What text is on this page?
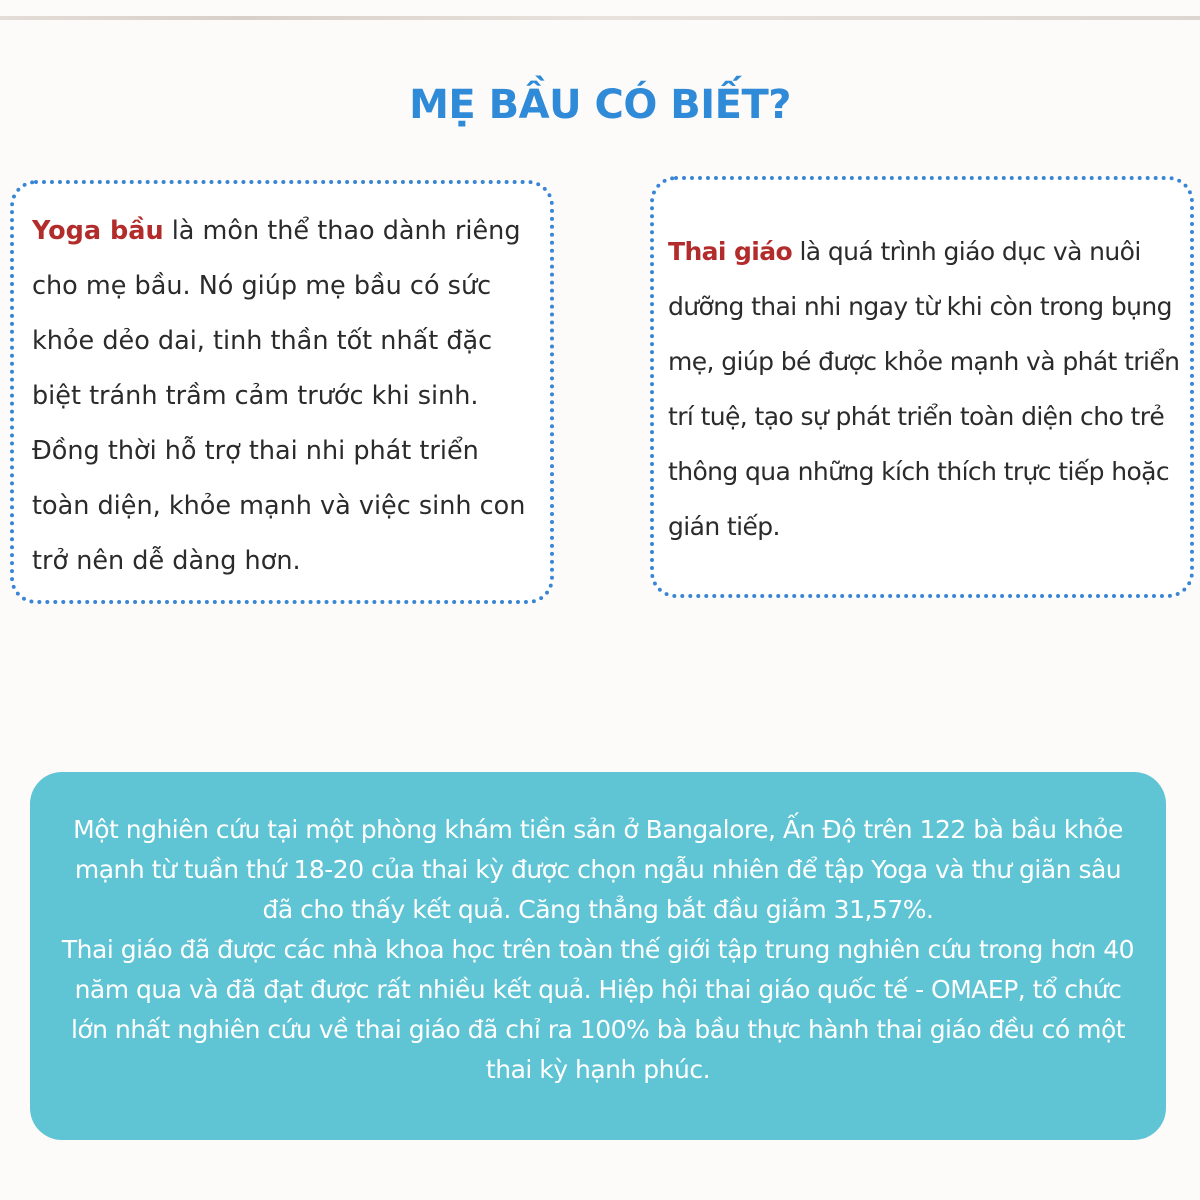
MẸ BẦU CÓ BIẾT?

Yoga bầu là môn thể thao dành riêng cho mẹ bầu. Nó giúp mẹ bầu có sức khỏe dẻo dai, tinh thần tốt nhất đặc biệt tránh trầm cảm trước khi sinh. Đồng thời hỗ trợ thai nhi phát triển toàn diện, khỏe mạnh và việc sinh con trở nên dễ dàng hơn.

Thai giáo là quá trình giáo dục và nuôi dưỡng thai nhi ngay từ khi còn trong bụng mẹ, giúp bé được khỏe mạnh và phát triển trí tuệ, tạo sự phát triển toàn diện cho trẻ thông qua những kích thích trực tiếp hoặc gián tiếp.

Một nghiên cứu tại một phòng khám tiền sản ở Bangalore, Ấn Độ trên 122 bà bầu khỏe mạnh từ tuần thứ 18-20 của thai kỳ được chọn ngẫu nhiên để tập Yoga và thư giãn sâu đã cho thấy kết quả. Căng thẳng bắt đầu giảm 31,57%.

Thai giáo đã được các nhà khoa học trên toàn thế giới tập trung nghiên cứu trong hơn 40 năm qua và đã đạt được rất nhiều kết quả. Hiệp hội thai giáo quốc tế - OMAEP, tổ chức lớn nhất nghiên cứu về thai giáo đã chỉ ra 100% bà bầu thực hành thai giáo đều có một thai kỳ hạnh phúc.
